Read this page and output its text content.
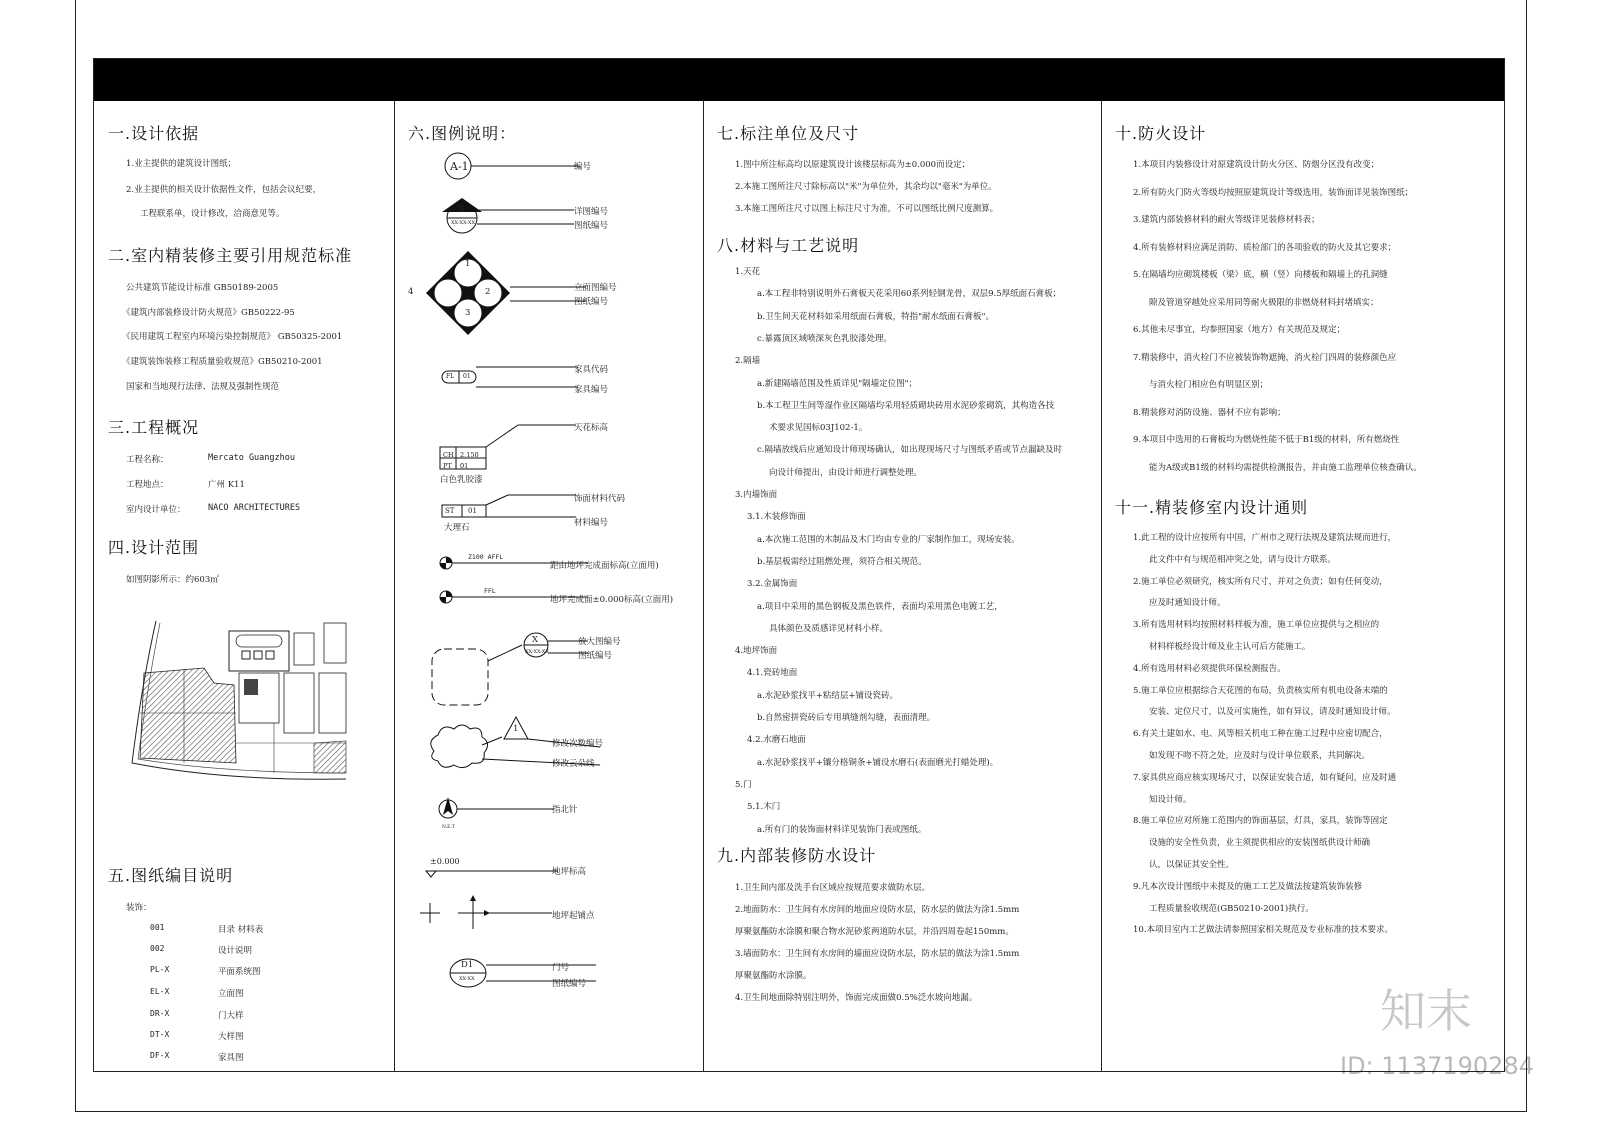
一.设计依据
1.业主提供的建筑设计图纸；
2.业主提供的相关设计依据性文件，包括会议纪要，
工程联系单，设计修改，洽商意见等。
二.室内精装修主要引用规范标准
公共建筑节能设计标准 GB50189-2005
《建筑内部装修设计防火规范》GB50222-95
《民用建筑工程室内环境污染控制规范》 GB50325-2001
《建筑装饰装修工程质量验收规范》GB50210-2001
国家和当地现行法律、法规及强制性规范
三.工程概况
工程名称：	Mercato Guangzhou
工程地点：	广州 K11
室内设计单位：	NACO ARCHITECTURES
四.设计范围
如图阴影所示：约603㎡
五.图纸编目说明
装饰：
001	目录 材料表
002	设计说明
PL-X	平面系统图
EL-X	立面图
DR-X	门大样
DT-X	大样图
DF-X	家具图
六.图例说明：
A-1	编号
X
XX-XX-XX
详图编号
图纸编号
1
4	2
3
立面图编号
图纸编号
FL 01
家具代码
家具编号
CH 2.150
PT 01
天花标高
白色乳胶漆
ST 01
饰面材料代码
材料编号
大理石
Z100 AFFL
FFL
距由地坪完成面标高(立面用)
地坪完成面±0.000标高(立面用)
X
XX-XX-XX
放大图编号
图纸编号
1
修改次数编号
修改云朵线
N.E.T
指北针
±0.000
地坪标高
地坪起铺点
D1
XX-XX
门号
图纸编号
七.标注单位及尺寸
1.图中所注标高均以原建筑设计该楼层标高为±0.000而设定；
2.本施工图所注尺寸除标高以"米"为单位外，其余均以"毫米"为单位。
3.本施工图所注尺寸以图上标注尺寸为准，不可以图纸比例尺度测算。
八.材料与工艺说明
1.天花
a.本工程非特别说明外石膏板天花采用60系列轻钢龙骨，双层9.5厚纸面石膏板；
b.卫生间天花材料如采用纸面石膏板，特指"耐水纸面石膏板"。
c.暴露顶区域喷深灰色乳胶漆处理。
2.隔墙
a.新建隔墙范围及性质详见"隔墙定位图"；
b.本工程卫生间等湿作业区隔墙均采用轻质砌块砖用水泥砂浆砌筑，其构造各技
术要求见国标03J102-1。
c.隔墙放线后应通知设计师现场确认，如出现现场尺寸与图纸矛盾或节点漏缺及时
向设计师提出，由设计师进行调整处理。
3.内墙饰面
3.1.木装修饰面
a.本次施工范围的木制品及木门均由专业的厂家制作加工，现场安装。
b.基层板需经过阻燃处理，须符合相关规范。
3.2.金属饰面
a.项目中采用的黑色钢板及黑色铁件，表面均采用黑色电镀工艺，
具体颜色及质感详见材料小样。
4.地坪饰面
4.1.瓷砖地面
a.水泥砂浆找平+粘结层+铺设瓷砖。
b.自然密拼瓷砖后专用填缝剂勾缝，表面清理。
4.2.水磨石地面
a.水泥砂浆找平+镶分格铜条+铺设水磨石(表面磨光打蜡处理)。
5.门
5.1.木门
a.所有门的装饰面材料详见装饰门表或图纸。
九.内部装修防水设计
1.卫生间内部及洗手台区域应按规范要求做防水层。
2.地面防水：卫生间有水房间的地面应设防水层，防水层的做法为涂1.5mm
厚聚氨酯防水涂膜和聚合物水泥砂浆两道防水层，并沿四周卷起150mm。
3.墙面防水：卫生间有水房间的墙面应设防水层，防水层的做法为涂1.5mm
厚聚氨酯防水涂膜。
4.卫生间地面除特别注明外，饰面完成面做0.5%泛水坡向地漏。
十.防火设计
1.本项目内装修设计对原建筑设计防火分区、防烟分区没有改变；
2.所有防火门防火等级均按照原建筑设计等级选用，装饰面详见装饰图纸；
3.建筑内部装修材料的耐火等级详见装修材料表；
4.所有装修材料应满足消防、质检部门的各项验收的防火及其它要求；
5.在隔墙均应砌筑楼板（梁）底，横（竖）向楼板和隔墙上的孔洞缝
隙及管道穿越处应采用同等耐火极限的非燃烧材料封堵填实；
6.其他未尽事宜，均参照国家（地方）有关规范及规定；
7.精装修中，消火栓门不应被装饰物遮掩，消火栓门四周的装修颜色应
与消火栓门相应色有明显区别；
8.精装修对消防设施、器材不应有影响；
9.本项目中选用的石膏板均为燃烧性能不低于B1级的材料，所有燃烧性
能为A级或B1级的材料均需提供检测报告，并由施工监理单位核查确认。
十一.精装修室内设计通则
1.此工程的设计应按所有中国，广州市之现行法规及建筑法规而进行，
此文件中有与规范相冲突之处，请与设计方联系。
2.施工单位必须研究，核实所有尺寸，并对之负责；如有任何变动，
应及时通知设计师。
3.所有选用材料均按照材料样板为准，施工单位应提供与之相应的
材料样板经设计师及业主认可后方能施工。
4.所有选用材料必须提供环保检测报告。
5.施工单位应根据综合天花图的布局，负责核实所有机电设备末端的
安装、定位尺寸，以及可实施性，如有异议，请及时通知设计师。
6.有关土建如水、电、风等相关机电工种在施工过程中应密切配合，
如发现不吻不符之处，应及时与设计单位联系，共同解决。
7.家具供应商应核实现场尺寸，以保证安装合适，如有疑问，应及时通
知设计师。
8.施工单位应对所施工范围内的饰面基层，灯具，家具，装饰等固定
设施的安全性负责，业主须提供相应的安装图纸供设计师确
认，以保证其安全性。
9.凡本次设计图纸中未提及的施工工艺及做法按建筑装饰装修
工程质量验收规范(GB50210-2001)执行。
10.本项目室内工艺做法请参照国家相关规范及专业标准的技术要求。
知末
ID: 1137190284
